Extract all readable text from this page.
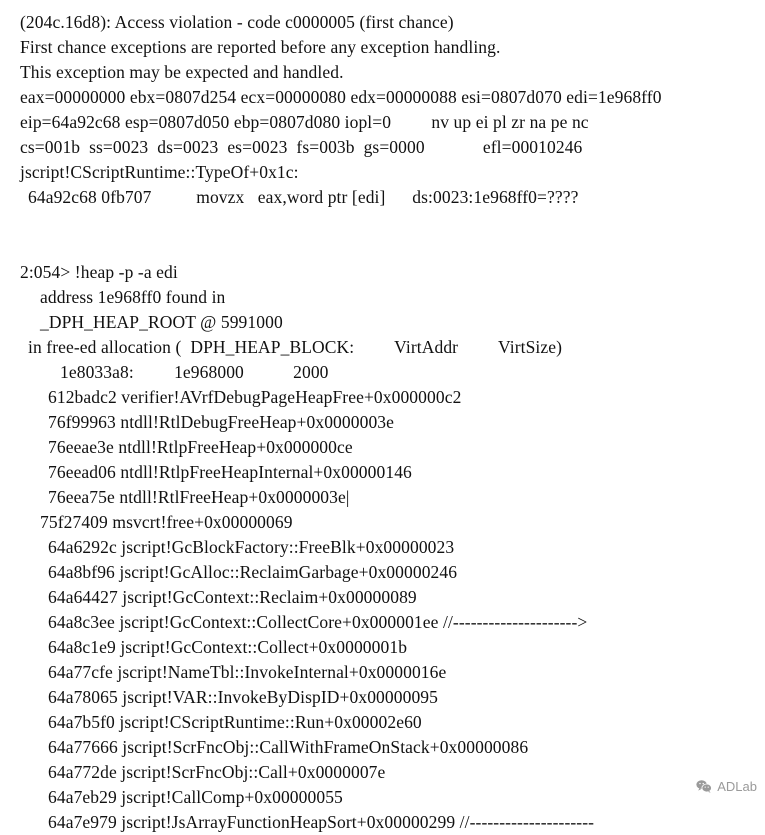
(204c.16d8): Access violation - code c0000005 (first chance)
First chance exceptions are reported before any exception handling.
This exception may be expected and handled.
eax=00000000 ebx=0807d254 ecx=00000080 edx=00000088 esi=0807d070 edi=1e968ff0
eip=64a92c68 esp=0807d050 ebp=0807d080 iopl=0         nv up ei pl zr na pe nc
cs=001b  ss=0023  ds=0023  es=0023  fs=003b  gs=0000             efl=00010246
jscript!CScriptRuntime::TypeOf+0x1c:
64a92c68 0fb707          movzx   eax,word ptr [edi]      ds:0023:1e968ff0=????
2:054> !heap -p -a edi
address 1e968ff0 found in
_DPH_HEAP_ROOT @ 5991000
in free-ed allocation (  DPH_HEAP_BLOCK:         VirtAddr         VirtSize)
1e8033a8:         1e968000           2000
612badc2 verifier!AVrfDebugPageHeapFree+0x000000c2
76f99963 ntdll!RtlDebugFreeHeap+0x0000003e
76eeae3e ntdll!RtlpFreeHeap+0x000000ce
76eead06 ntdll!RtlpFreeHeapInternal+0x00000146
76eea75e ntdll!RtlFreeHeap+0x0000003e|
75f27409 msvcrt!free+0x00000069
64a6292c jscript!GcBlockFactory::FreeBlk+0x00000023
64a8bf96 jscript!GcAlloc::ReclaimGarbage+0x00000246
64a64427 jscript!GcContext::Reclaim+0x00000089
64a8c3ee jscript!GcContext::CollectCore+0x000001ee //--------------------->
64a8c1e9 jscript!GcContext::Collect+0x0000001b
64a77cfe jscript!NameTbl::InvokeInternal+0x0000016e
64a78065 jscript!VAR::InvokeByDispID+0x00000095
64a7b5f0 jscript!CScriptRuntime::Run+0x00002e60
64a77666 jscript!ScrFncObj::CallWithFrameOnStack+0x00000086
64a772de jscript!ScrFncObj::Call+0x0000007e
64a7eb29 jscript!CallComp+0x00000055
64a7e979 jscript!JsArrayFunctionHeapSort+0x00000299 //---------------------
ADLab
